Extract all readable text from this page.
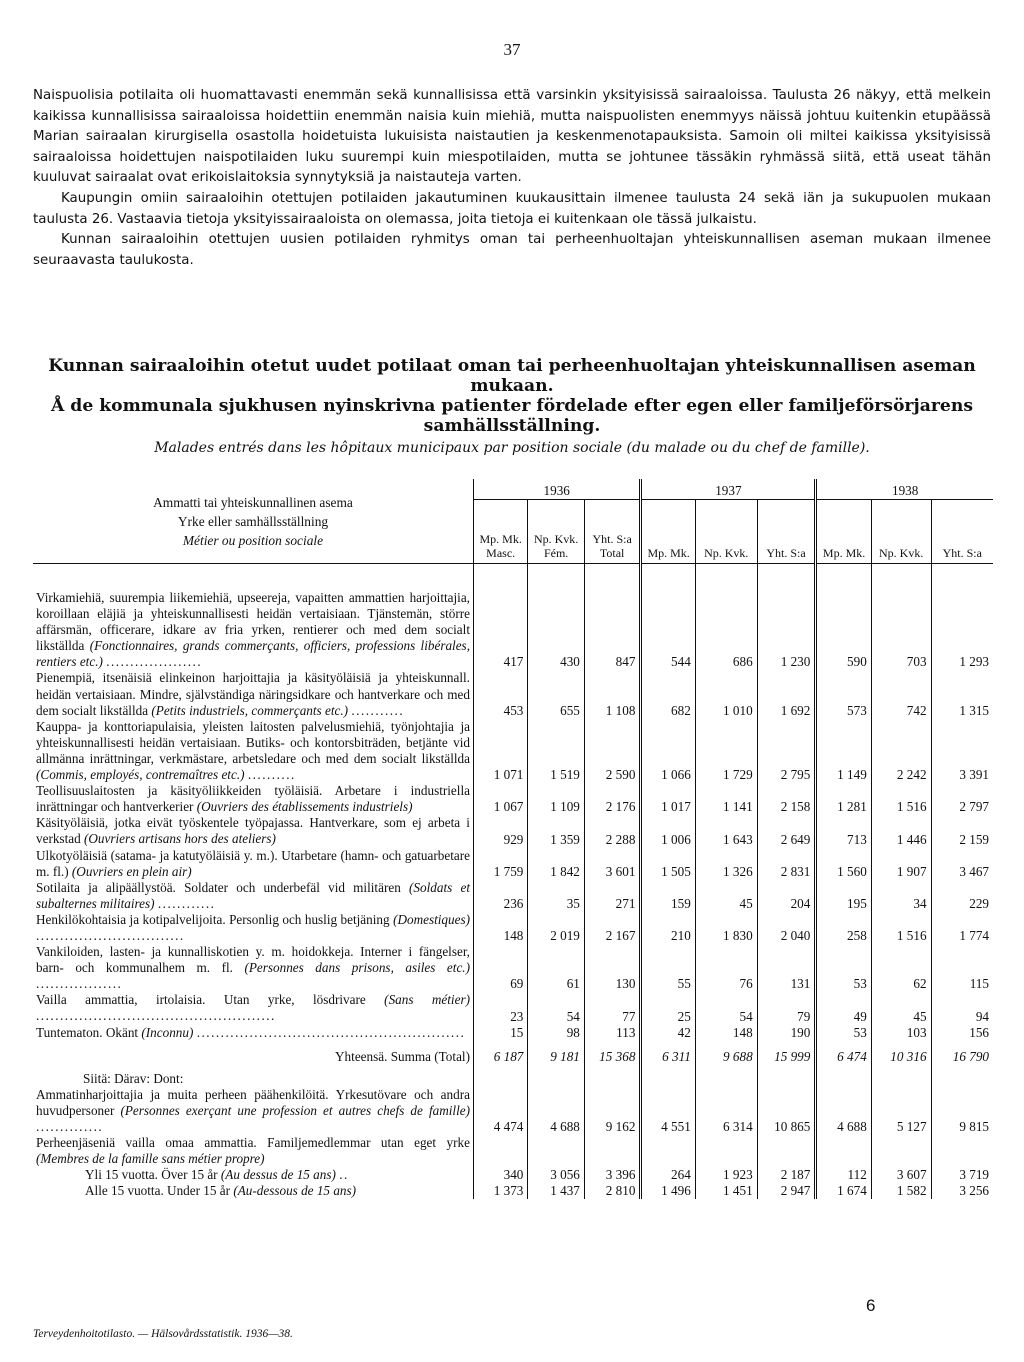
37

Naispuolisia potilaita oli huomattavasti enemmän sekä kunnallisissa että varsinkin yksityisissä sairaaloissa. Taulusta 26 näkyy, että melkein kaikissa kunnallisissa sairaaloissa hoidettiin enemmän naisia kuin miehiä, mutta naispuolisten enemmyys näissä johtuu kuitenkin etupäässä Marian sairaalan kirurgisella osastolla hoidetuista lukuisista naistautien ja keskenmenotapauksista. Samoin oli miltei kaikissa yksityisissä sairaaloissa hoidettujen naispotilaiden luku suurempi kuin miespotilaiden, mutta se johtunee tässäkin ryhmässä siitä, että useat tähän kuuluvat sairaalat ovat erikoislaitoksia synnytyksiä ja naistauteja varten.

Kaupungin omiin sairaaloihin otettujen potilaiden jakautuminen kuukausittain ilmenee taulusta 24 sekä iän ja sukupuolen mukaan taulusta 26. Vastaavia tietoja yksityissairaaloista on olemassa, joita tietoja ei kuitenkaan ole tässä julkaistu.

Kunnan sairaaloihin otettujen uusien potilaiden ryhmitys oman tai perheenhuoltajan yhteiskunnallisen aseman mukaan ilmenee seuraavasta taulukosta.

Kunnan sairaaloihin otetut uudet potilaat oman tai perheenhuoltajan yhteiskunnallisen aseman mukaan.
Å de kommunala sjukhusen nyinskrivna patienter fördelade efter egen eller familjeförsörjarens samhällsställning.
Malades entrés dans les hôpitaux municipaux par position sociale (du malade ou du chef de famille).
Ammatti tai yhteiskunnallinen asema
Yrke eller samhällsställning
Métier ou position sociale	1936			1937			1938		
	Mp. Mk. Masc.	Np. Kvk. Fém.	Yht. S:a Total	Mp. Mk.	Np. Kvk.	Yht. S:a	Mp. Mk.	Np. Kvk.	Yht. S:a

Virkamiehiä, suurempia liikemiehiä, upseereja, vapaitten ammattien harjoittajia, koroillaan eläjiä ja yhteiskunnallisesti heidän vertaisiaan. Tjänstemän, större affärsmän, officerare, idkare av fria yrken, rentierer och med dem socialt likställda (Fonctionnaires, grands commerçants, officiers, professions libérales, rentiers etc.) ....................	417	430	847	544	686	1 230	590	703	1 293
Pienempiä, itsenäisiä elinkeinon harjoittajia ja käsityöläisiä ja yhteiskunnall. heidän vertaisiaan. Mindre, självständiga näringsidkare och hantverkare och med dem socialt likställda (Petits industriels, commerçants etc.) ...........	453	655	1 108	682	1 010	1 692	573	742	1 315
Kauppa- ja konttoriapulaisia, yleisten laitosten palvelusmiehiä, työnjohtajia ja yhteiskunnallisesti heidän vertaisiaan. Butiks- och kontorsbiträden, betjänte vid allmänna inrättningar, verkmästare, arbetsledare och med dem socialt likställda (Commis, employés, contremaîtres etc.) ..........	1 071	1 519	2 590	1 066	1 729	2 795	1 149	2 242	3 391
Teollisuuslaitosten ja käsityöliikkeiden työläisiä. Arbetare i industriella inrättningar och hantverkerier (Ouvriers des établissements industriels)	1 067	1 109	2 176	1 017	1 141	2 158	1 281	1 516	2 797
Käsityöläisiä, jotka eivät työskentele työpajassa. Hantverkare, som ej arbeta i verkstad (Ouvriers artisans hors des ateliers)	929	1 359	2 288	1 006	1 643	2 649	713	1 446	2 159
Ulkotyöläisiä (satama- ja katutyöläisiä y. m.). Utarbetare (hamn- och gatuarbetare m. fl.) (Ouvriers en plein air)	1 759	1 842	3 601	1 505	1 326	2 831	1 560	1 907	3 467
Sotilaita ja alipäällystöä. Soldater och underbefäl vid militären (Soldats et subalternes militaires) ............	236	35	271	159	45	204	195	34	229
Henkilökohtaisia ja kotipalvelijoita. Personlig och huslig betjäning (Domestiques) ...............................	148	2 019	2 167	210	1 830	2 040	258	1 516	1 774
Vankiloiden, lasten- ja kunnalliskotien y. m. hoidokkeja. Interner i fängelser, barn- och kommunalhem m. fl. (Personnes dans prisons, asiles etc.) ..................	69	61	130	55	76	131	53	62	115
Vailla ammattia, irtolaisia. Utan yrke, lösdrivare (Sans métier) ..................................................	23	54	77	25	54	79	49	45	94
Tuntematon. Okänt (Inconnu) ........................................................	15	98	113	42	148	190	53	103	156
Yhteensä. Summa (Total)	6 187	9 181	15 368	6 311	9 688	15 999	6 474	10 316	16 790
Siitä: Därav: Dont:									
Ammatinharjoittajia ja muita perheen päähenkilöitä. Yrkesutövare och andra huvudpersoner (Personnes exerçant une profession et autres chefs de famille) ..............	4 474	4 688	9 162	4 551	6 314	10 865	4 688	5 127	9 815
Perheenjäseniä vailla omaa ammattia. Familjemedlemmar utan eget yrke (Membres de la famille sans métier propre)									
Yli 15 vuotta. Över 15 år (Au dessus de 15 ans) ..	340	3 056	3 396	264	1 923	2 187	112	3 607	3 719
Alle 15 vuotta. Under 15 år (Au-dessous de 15 ans)	1 373	1 437	2 810	1 496	1 451	2 947	1 674	1 582	3 256
Terveydenhoitotilasto. — Hälsovårdsstatistik. 1936—38.
6
